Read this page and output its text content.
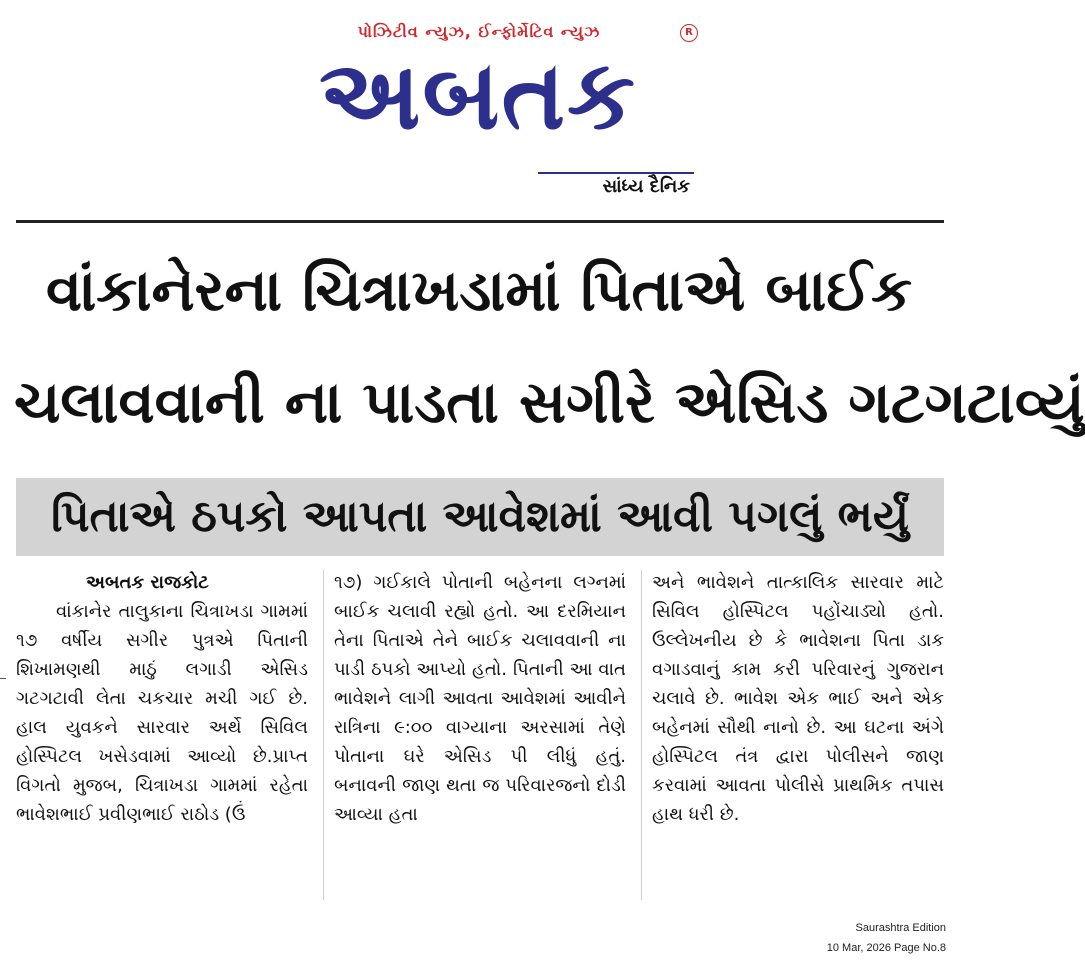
પોઝિટીવ ન્યુઝ, ઈન્ફોર્મેટિવ ન્યુઝ	R
અબતક
સાંધ્ય દૈનિક
વાંકાનેરના ચિત્રાખડામાં પિતાએ બાઈક
ચલાવવાની ના પાડતા સગીરે એસિડ ગટગટાવ્યું
પિતાએ ઠપકો આપતા આવેશમાં આવી પગલું ભર્યું

અબતક રાજકોટ

વાંકાનેર તાલુકાના ચિત્રાખડા ગામમાં ૧૭ વર્ષીય સગીર પુત્રએ પિતાની શિખામણથી માઠું લગાડી એસિડ ગટગટાવી લેતા ચકચાર મચી ગઈ છે. હાલ યુવકને સારવાર અર્થે સિવિલ હોસ્પિટલ ખસેડવામાં આવ્યો છે.પ્રાપ્ત વિગતો મુજબ, ચિત્રાખડા ગામમાં રહેતા ભાવેશભાઈ પ્રવીણભાઈ રાઠોડ (ઉં

૧૭) ગઈકાલે પોતાની બહેનના લગ્નમાં બાઈક ચલાવી રહ્યો હતો. આ દરમિયાન તેના પિતાએ તેને બાઈક ચલાવવાની ના પાડી ઠપકો આપ્યો હતો. પિતાની આ વાત ભાવેશને લાગી આવતા આવેશમાં આવીને રાત્રિના ૯:૦૦ વાગ્યાના અરસામાં તેણે પોતાના ઘરે એસિડ પી લીધું હતું. બનાવની જાણ થતા જ પરિવારજનો દોડી આવ્યા હતા

અને ભાવેશને તાત્કાલિક સારવાર માટે સિવિલ હોસ્પિટલ પહોંચાડ્યો હતો. ઉલ્લેખનીય છે કે ભાવેશના પિતા ડાક વગાડવાનું કામ કરી પરિવારનું ગુજરાન ચલાવે છે. ભાવેશ એક ભાઈ અને એક બહેનમાં સૌથી નાનો છે. આ ઘટના અંગે હોસ્પિટલ તંત્ર દ્વારા પોલીસને જાણ કરવામાં આવતા પોલીસે પ્રાથમિક તપાસ હાથ ધરી છે.

Saurashtra Edition
10 Mar, 2026 Page No.8
